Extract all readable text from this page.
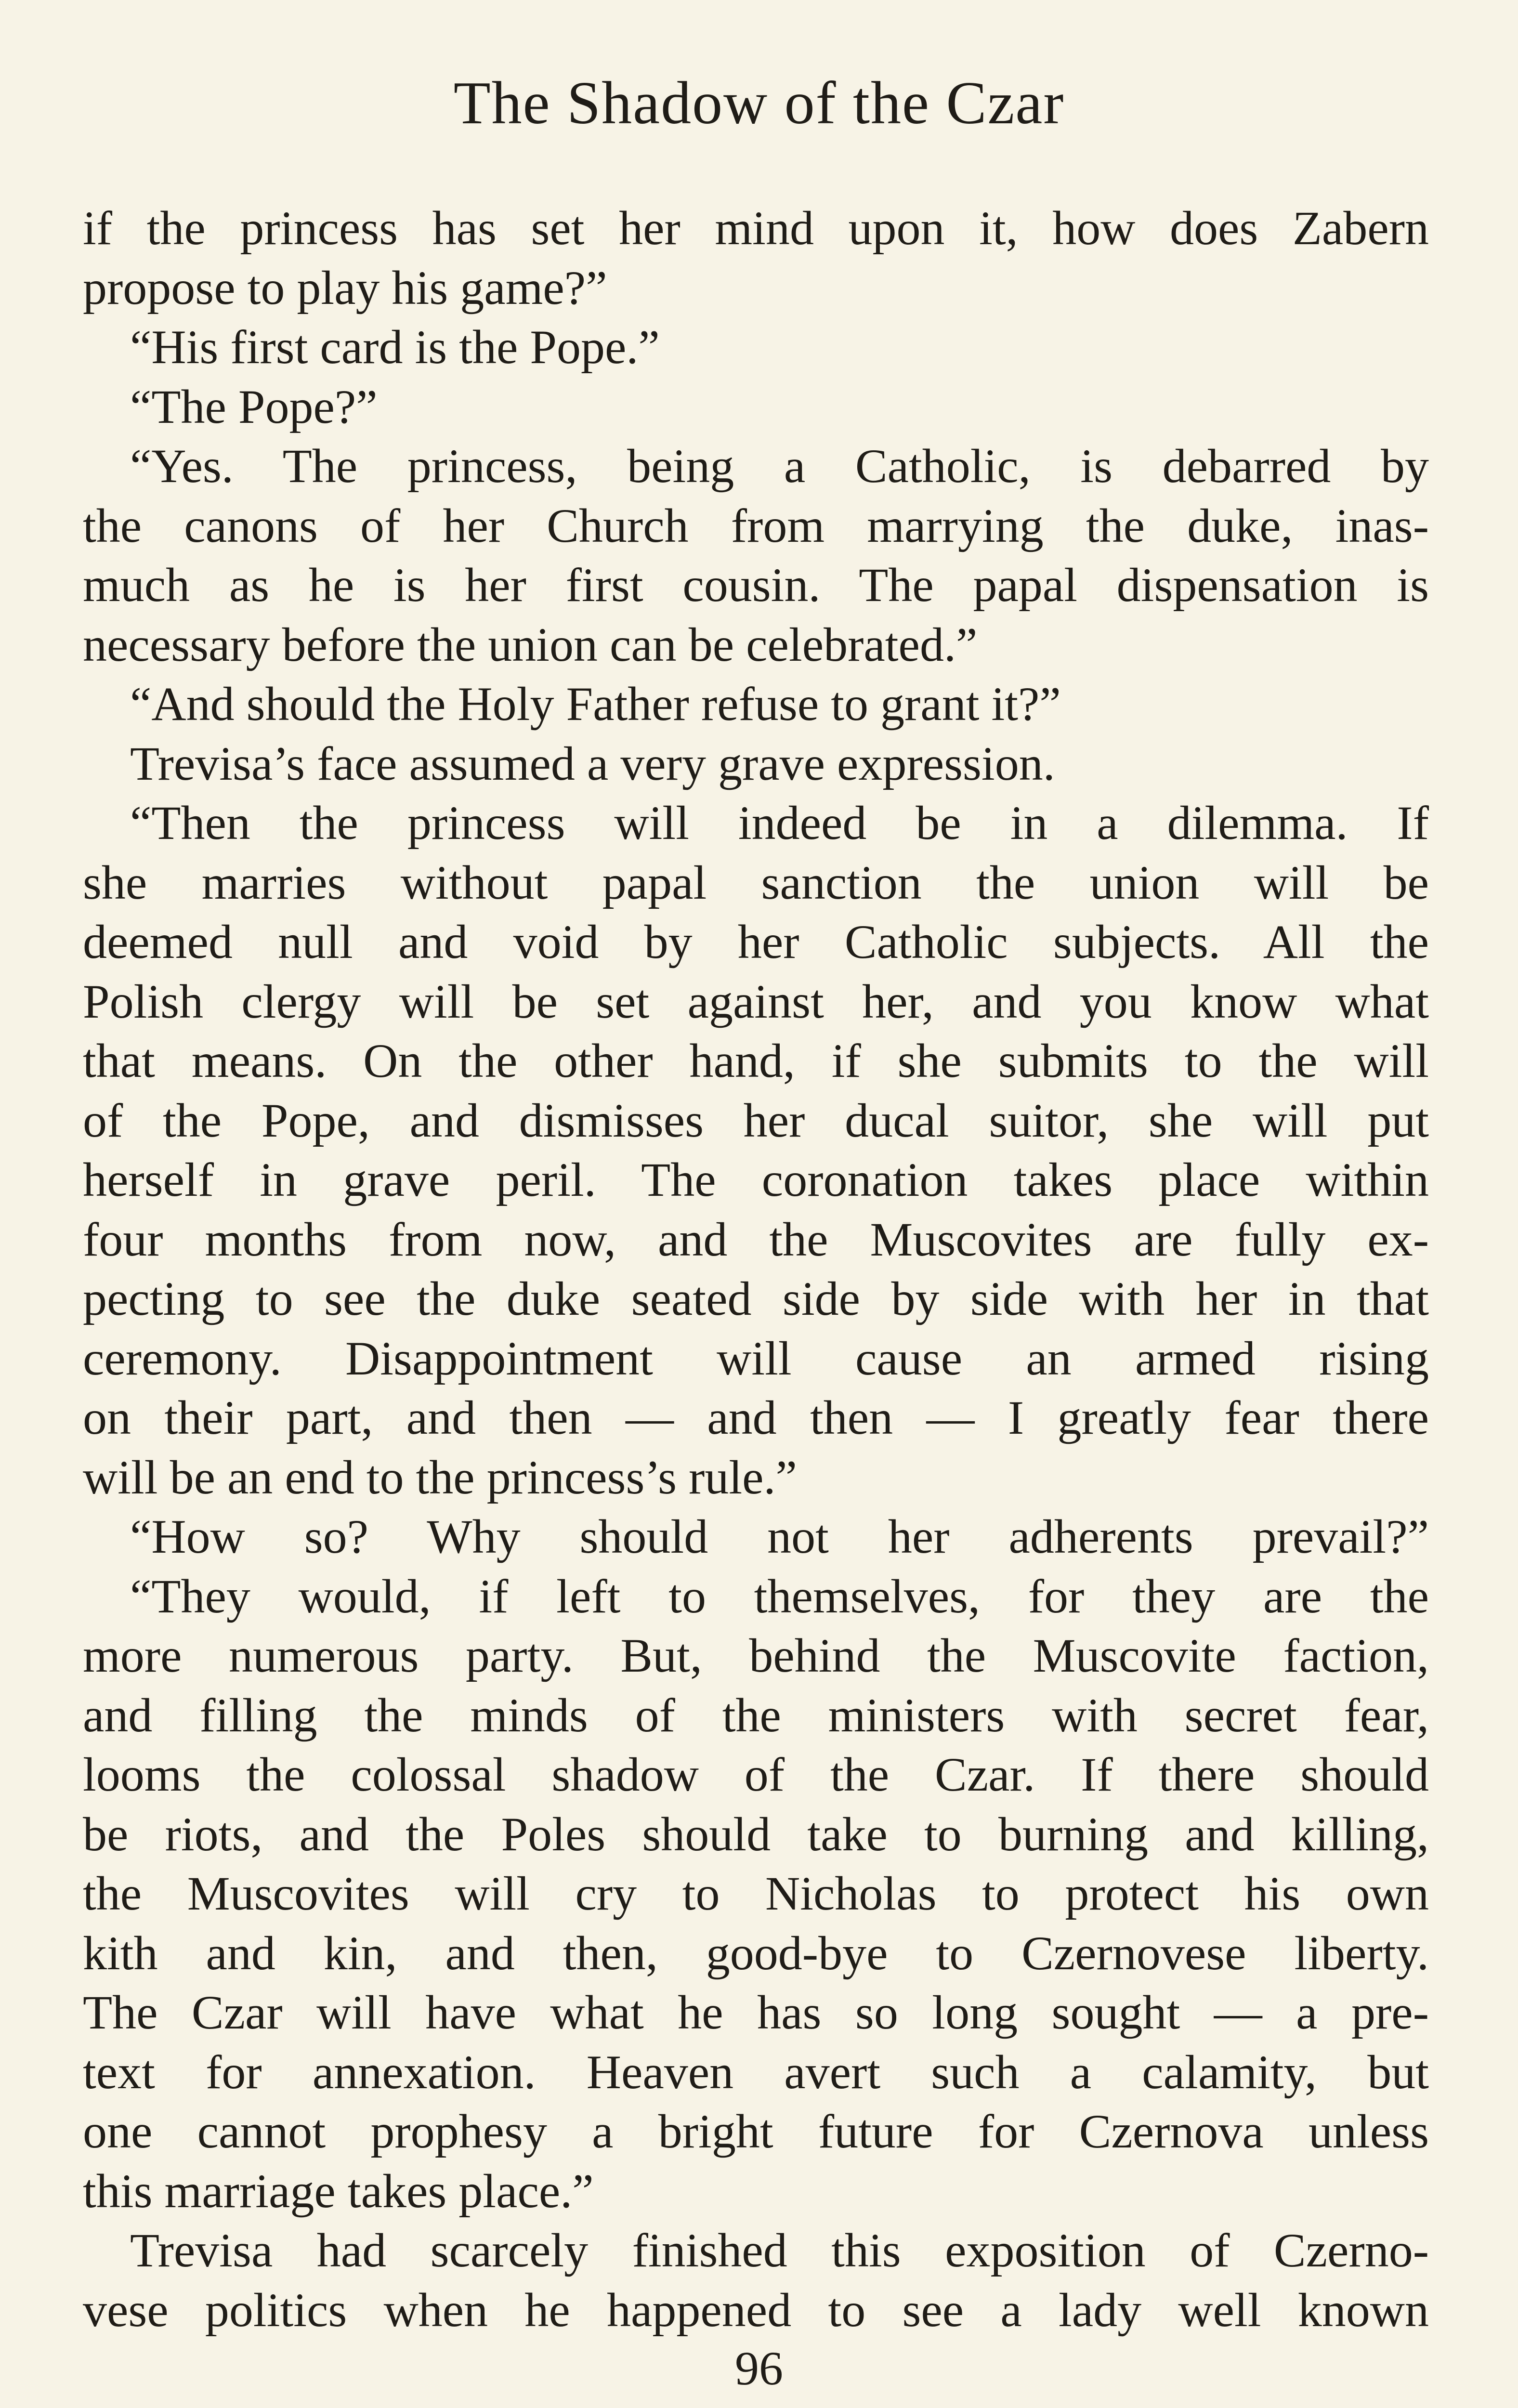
The Shadow of the Czar
if the princess has set her mind upon it, how does Zabern
propose to play his game?”
“His first card is the Pope.”
“The Pope?”
“Yes. The princess, being a Catholic, is debarred by
the canons of her Church from marrying the duke, inas-
much as he is her first cousin. The papal dispensation is
necessary before the union can be celebrated.”
“And should the Holy Father refuse to grant it?”
Trevisa’s face assumed a very grave expression.
“Then the princess will indeed be in a dilemma. If
she marries without papal sanction the union will be
deemed null and void by her Catholic subjects. All the
Polish clergy will be set against her, and you know what
that means. On the other hand, if she submits to the will
of the Pope, and dismisses her ducal suitor, she will put
herself in grave peril. The coronation takes place within
four months from now, and the Muscovites are fully ex-
pecting to see the duke seated side by side with her in that
ceremony. Disappointment will cause an armed rising
on their part, and then — and then — I greatly fear there
will be an end to the princess’s rule.”
“How so? Why should not her adherents prevail?”
“They would, if left to themselves, for they are the
more numerous party. But, behind the Muscovite faction,
and filling the minds of the ministers with secret fear,
looms the colossal shadow of the Czar. If there should
be riots, and the Poles should take to burning and killing,
the Muscovites will cry to Nicholas to protect his own
kith and kin, and then, good-bye to Czernovese liberty.
The Czar will have what he has so long sought — a pre-
text for annexation. Heaven avert such a calamity, but
one cannot prophesy a bright future for Czernova unless
this marriage takes place.”
Trevisa had scarcely finished this exposition of Czerno-
vese politics when he happened to see a lady well known
96
